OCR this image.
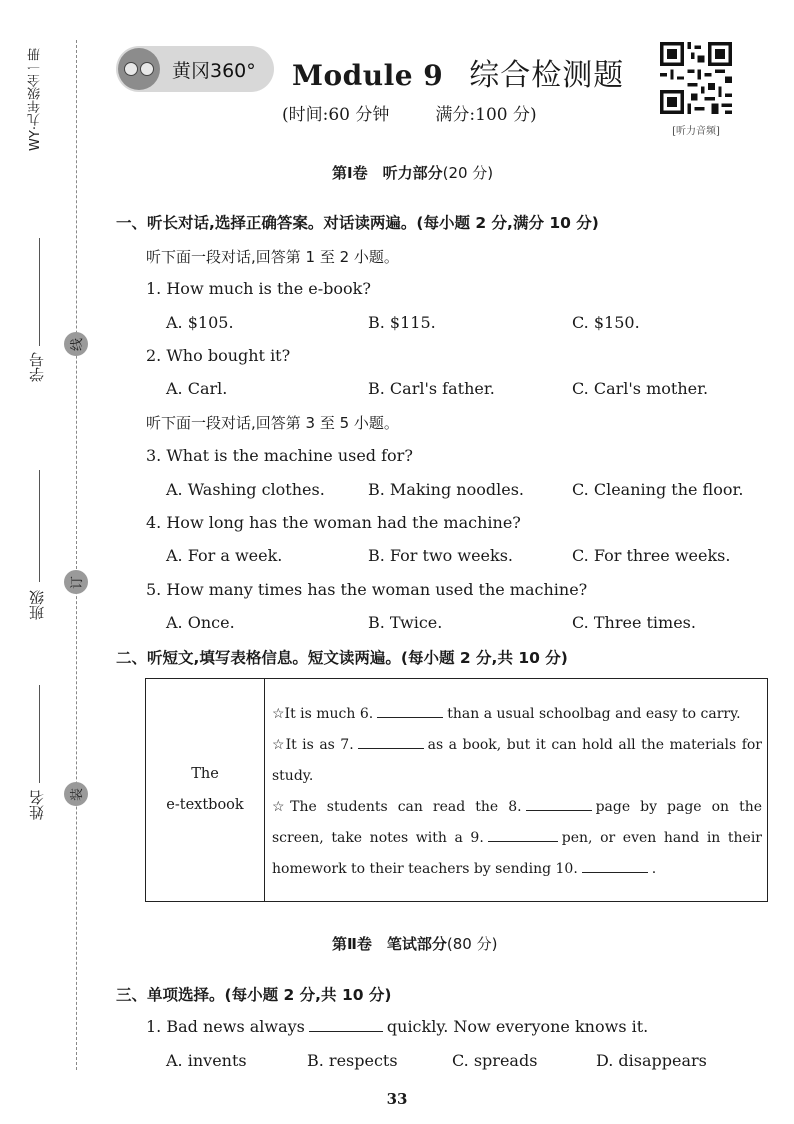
WY·九年级全一册
学号
班级
姓名
线
订
装
黄冈360° Module 9 综合检测题
(时间:60 分钟	满分:100 分)
[听力音频]
第Ⅰ卷　听力部分(20 分)
一、听长对话,选择正确答案。对话读两遍。(每小题 2 分,满分 10 分)
听下面一段对话,回答第 1 至 2 小题。
1. How much is the e-book?
A. $105.	B. $115.	C. $150.
2. Who bought it?
A. Carl.	B. Carl's father.	C. Carl's mother.
听下面一段对话,回答第 3 至 5 小题。
3. What is the machine used for?
A. Washing clothes.	B. Making noodles.	C. Cleaning the floor.
4. How long has the woman had the machine?
A. For a week.	B. For two weeks.	C. For three weeks.
5. How many times has the woman used the machine?
A. Once.	B. Twice.	C. Three times.
二、听短文,填写表格信息。短文读两遍。(每小题 2 分,共 10 分)
The
e-textbook
☆It is much 6.	than a usual schoolbag and easy to carry.
☆It is as 7.	as a book, but it can hold all the materials for study.
☆The students can read the 8.	page by page on the screen, take notes with a 9.	pen, or even hand in their homework to their teachers by sending 10.	.
第Ⅱ卷　笔试部分(80 分)
三、单项选择。(每小题 2 分,共 10 分)
1. Bad news always	quickly. Now everyone knows it.
A. invents	B. respects	C. spreads	D. disappears
33
